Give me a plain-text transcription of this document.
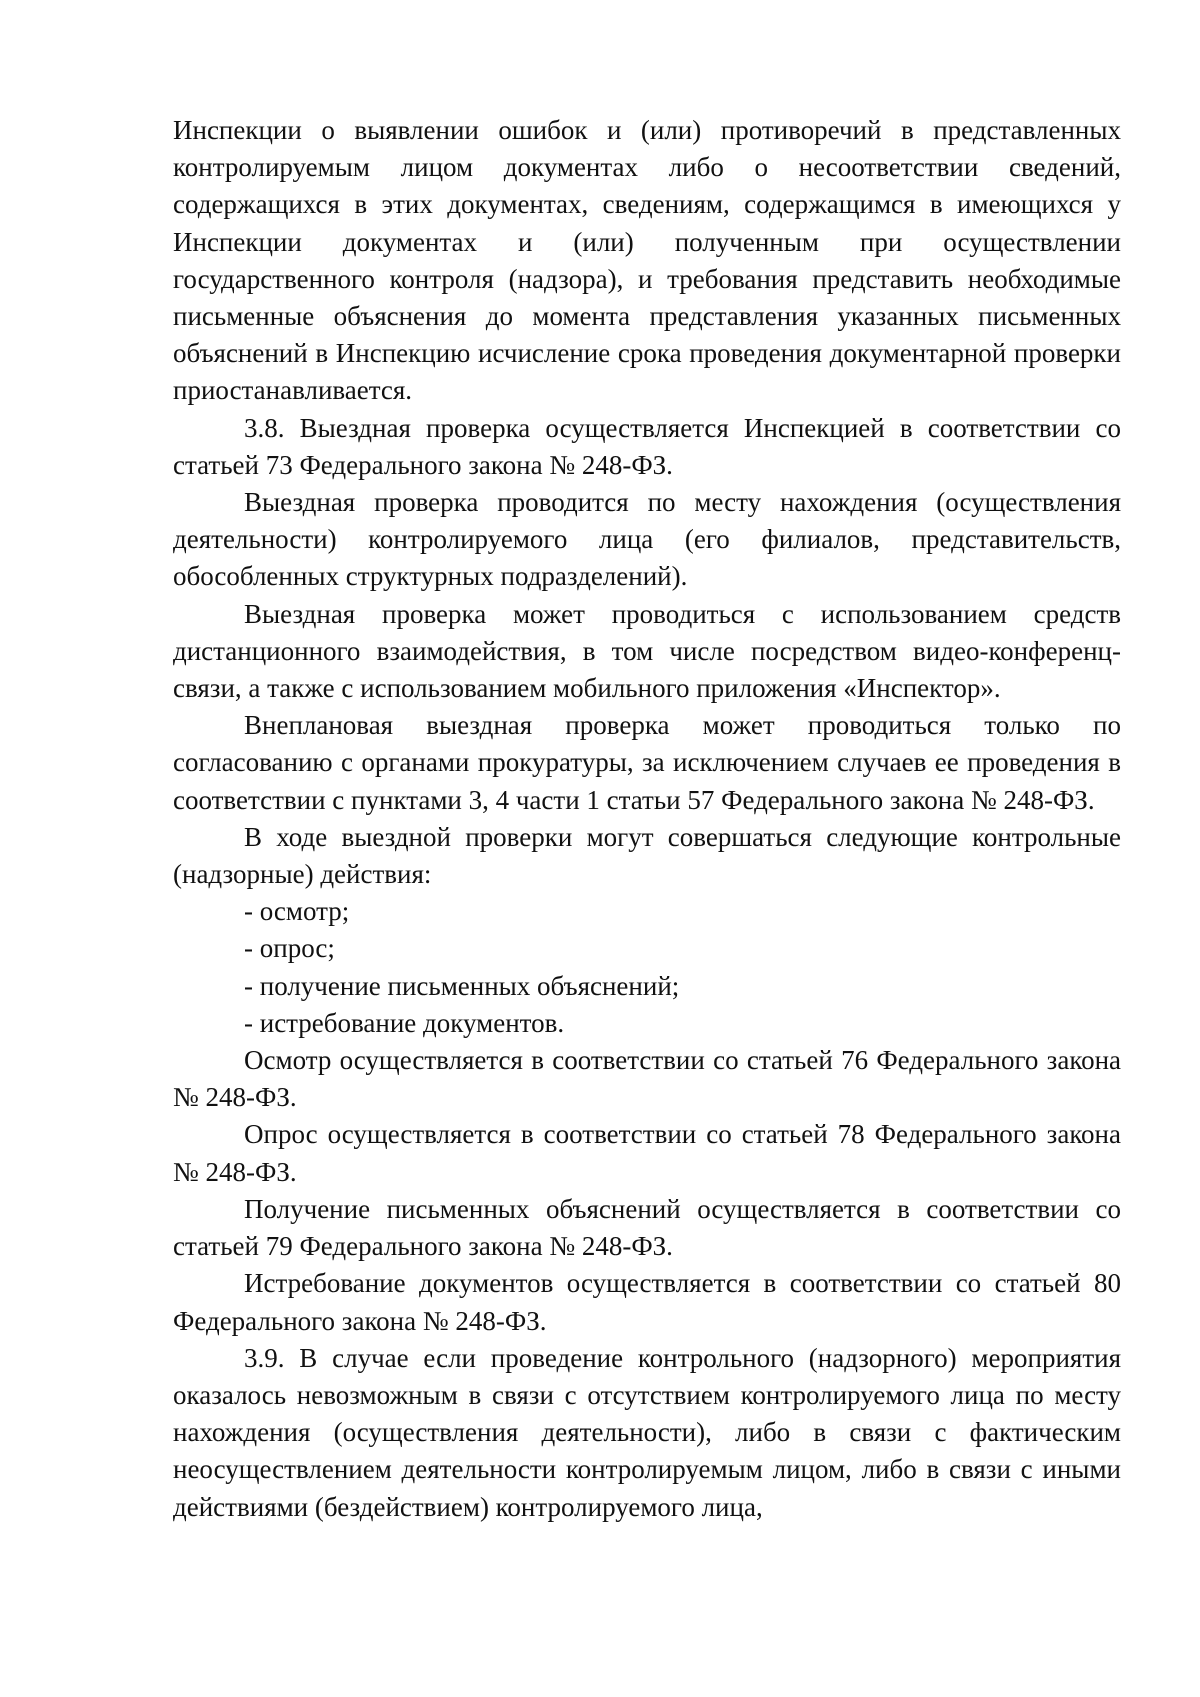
Инспекции о выявлении ошибок и (или) противоречий в представленных контролируемым лицом документах либо о несоответствии сведений, содержащихся в этих документах, сведениям, содержащимся в имеющихся у Инспекции документах и (или) полученным при осуществлении государственного контроля (надзора), и требования представить необходимые письменные объяснения до момента представления указанных письменных объяснений в Инспекцию исчисление срока проведения документарной проверки приостанавливается.

3.8. Выездная проверка осуществляется Инспекцией в соответствии со статьей 73 Федерального закона № 248-ФЗ.

Выездная проверка проводится по месту нахождения (осуществления деятельности) контролируемого лица (его филиалов, представительств, обособленных структурных подразделений).

Выездная проверка может проводиться с использованием средств дистанционного взаимодействия, в том числе посредством видео-конференц-связи, а также с использованием мобильного приложения «Инспектор».

Внеплановая выездная проверка может проводиться только по согласованию с органами прокуратуры, за исключением случаев ее проведения в соответствии с пунктами 3, 4 части 1 статьи 57 Федерального закона № 248-ФЗ.

В ходе выездной проверки могут совершаться следующие контрольные (надзорные) действия:

- осмотр;

- опрос;

- получение письменных объяснений;

- истребование документов.

Осмотр осуществляется в соответствии со статьей 76 Федерального закона № 248-ФЗ.

Опрос осуществляется в соответствии со статьей 78 Федерального закона № 248-ФЗ.

Получение письменных объяснений осуществляется в соответствии со статьей 79 Федерального закона № 248-ФЗ.

Истребование документов осуществляется в соответствии со статьей 80 Федерального закона № 248-ФЗ.

3.9. В случае если проведение контрольного (надзорного) мероприятия оказалось невозможным в связи с отсутствием контролируемого лица по месту нахождения (осуществления деятельности), либо в связи с фактическим неосуществлением деятельности контролируемым лицом, либо в связи с иными действиями (бездействием) контролируемого лица,
